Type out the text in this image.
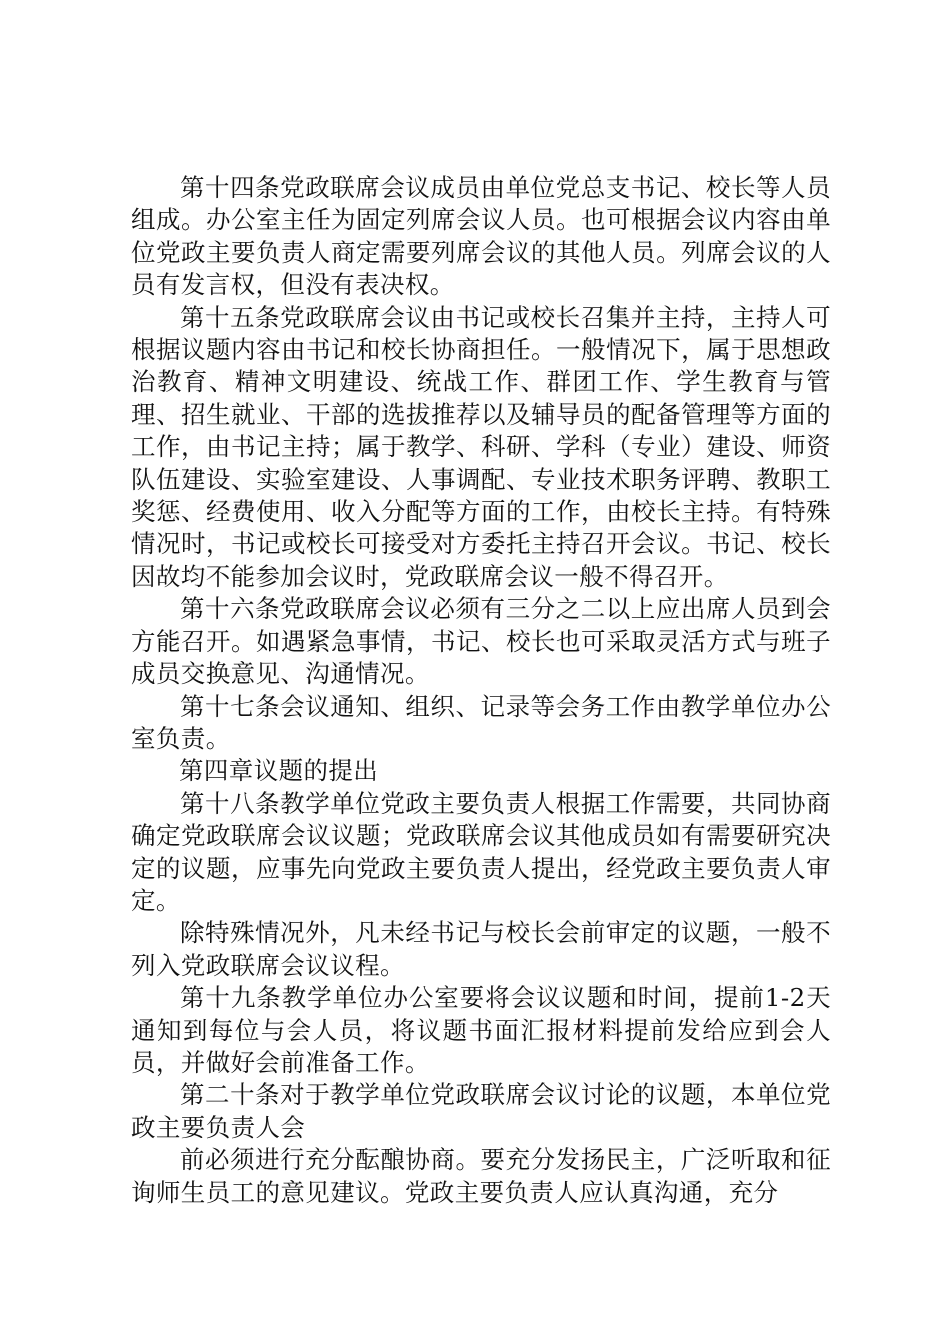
第十四条党政联席会议成员由单位党总支书记、校长等人员组成。办公室主任为固定列席会议人员。也可根据会议内容由单位党政主要负责人商定需要列席会议的其他人员。列席会议的人员有发言权，但没有表决权。

第十五条党政联席会议由书记或校长召集并主持，主持人可根据议题内容由书记和校长协商担任。一般情况下，属于思想政治教育、精神文明建设、统战工作、群团工作、学生教育与管理、招生就业、干部的选拔推荐以及辅导员的配备管理等方面的工作，由书记主持；属于教学、科研、学科（专业）建设、师资队伍建设、实验室建设、人事调配、专业技术职务评聘、教职工奖惩、经费使用、收入分配等方面的工作，由校长主持。有特殊情况时，书记或校长可接受对方委托主持召开会议。书记、校长因故均不能参加会议时，党政联席会议一般不得召开。

第十六条党政联席会议必须有三分之二以上应出席人员到会方能召开。如遇紧急事情，书记、校长也可采取灵活方式与班子成员交换意见、沟通情况。

第十七条会议通知、组织、记录等会务工作由教学单位办公室负责。

第四章议题的提出

第十八条教学单位党政主要负责人根据工作需要，共同协商确定党政联席会议议题；党政联席会议其他成员如有需要研究决定的议题，应事先向党政主要负责人提出，经党政主要负责人审定。

除特殊情况外，凡未经书记与校长会前审定的议题，一般不列入党政联席会议议程。

第十九条教学单位办公室要将会议议题和时间，提前1-2天通知到每位与会人员，将议题书面汇报材料提前发给应到会人员，并做好会前准备工作。

第二十条对于教学单位党政联席会议讨论的议题，本单位党政主要负责人会

前必须进行充分酝酿协商。要充分发扬民主，广泛听取和征询师生员工的意见建议。党政主要负责人应认真沟通，充分
